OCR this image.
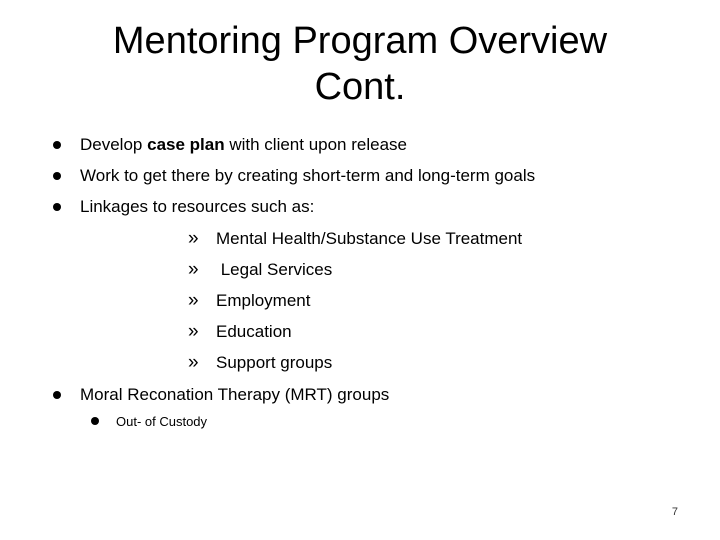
Mentoring Program Overview
Cont.
Develop case plan with client upon release
Work to get there by creating short-term and long-term goals
Linkages to resources such as:
» Mental Health/Substance Use Treatment
» Legal Services
» Employment
» Education
» Support groups
Moral Reconation Therapy (MRT) groups
Out- of Custody
7
